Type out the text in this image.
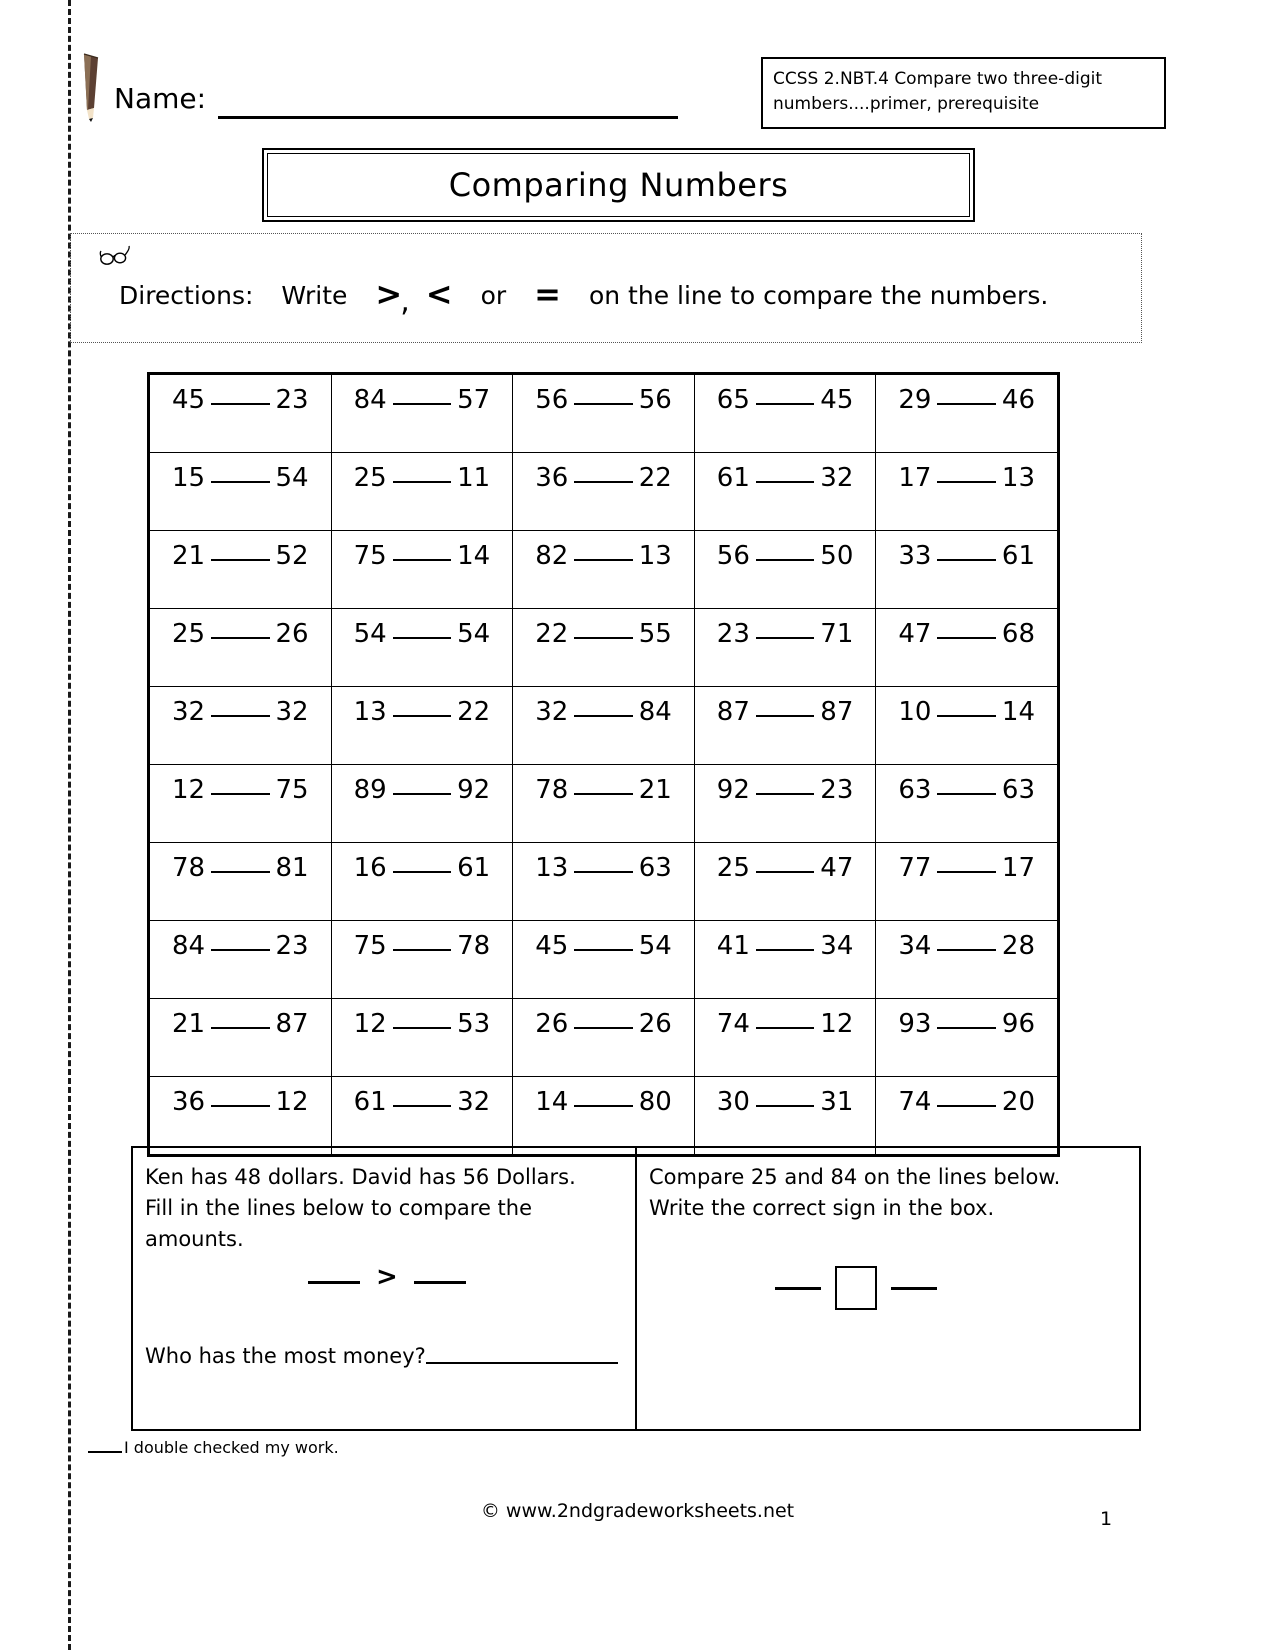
Name:
CCSS 2.NBT.4 Compare two three-digit numbers....primer, prerequisite
Comparing Numbers
Directions: Write >
, < or = on the line to compare the numbers.
45 23	84 57	56 56	65 45	29 46

15 54	25 11	36 22	61 32	17 13

21 52	75 14	82 13	56 50	33 61

25 26	54 54	22 55	23 71	47 68

32 32	13 22	32 84	87 87	10 14

12 75	89 92	78 21	92 23	63 63

78 81	16 61	13 63	25 47	77 17

84 23	75 78	45 54	41 34	34 28

21 87	12 53	26 26	74 12	93 96

36 12	61 32	14 80	30 31	74 20
Ken has 48 dollars. David has 56 Dollars.
Fill in the lines below to compare the
amounts.
>
Who has the most money?
Compare 25 and 84 on the lines below.
Write the correct sign in the box.
I double checked my work.
© www.2ndgradeworksheets.net	1
